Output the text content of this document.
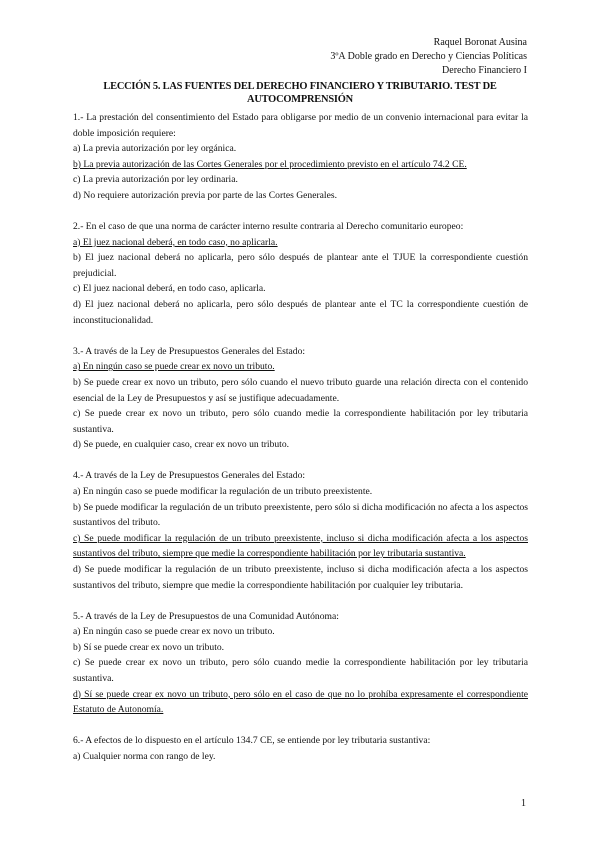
Raquel Boronat Ausina
3ºA Doble grado en Derecho y Ciencias Políticas
Derecho Financiero I
LECCIÓN 5. LAS FUENTES DEL DERECHO FINANCIERO Y TRIBUTARIO. TEST DE AUTOCOMPRENSIÓN
1.- La prestación del consentimiento del Estado para obligarse por medio de un convenio internacional para evitar la doble imposición requiere:
a) La previa autorización por ley orgánica.
b) La previa autorización de las Cortes Generales por el procedimiento previsto en el artículo 74.2 CE.
c) La previa autorización por ley ordinaria.
d) No requiere autorización previa por parte de las Cortes Generales.
2.- En el caso de que una norma de carácter interno resulte contraria al Derecho comunitario europeo:
a) El juez nacional deberá, en todo caso, no aplicarla.
b) El juez nacional deberá no aplicarla, pero sólo después de plantear ante el TJUE la correspondiente cuestión prejudicial.
c) El juez nacional deberá, en todo caso, aplicarla.
d) El juez nacional deberá no aplicarla, pero sólo después de plantear ante el TC la correspondiente cuestión de inconstitucionalidad.
3.- A través de la Ley de Presupuestos Generales del Estado:
a) En ningún caso se puede crear ex novo un tributo.
b) Se puede crear ex novo un tributo, pero sólo cuando el nuevo tributo guarde una relación directa con el contenido esencial de la Ley de Presupuestos y así se justifique adecuadamente.
c) Se puede crear ex novo un tributo, pero sólo cuando medie la correspondiente habilitación por ley tributaria sustantiva.
d) Se puede, en cualquier caso, crear ex novo un tributo.
4.- A través de la Ley de Presupuestos Generales del Estado:
a) En ningún caso se puede modificar la regulación de un tributo preexistente.
b) Se puede modificar la regulación de un tributo preexistente, pero sólo si dicha modificación no afecta a los aspectos sustantivos del tributo.
c) Se puede modificar la regulación de un tributo preexistente, incluso si dicha modificación afecta a los aspectos sustantivos del tributo, siempre que medie la correspondiente habilitación por ley tributaria sustantiva.
d) Se puede modificar la regulación de un tributo preexistente, incluso si dicha modificación afecta a los aspectos sustantivos del tributo, siempre que medie la correspondiente habilitación por cualquier ley tributaria.
5.- A través de la Ley de Presupuestos de una Comunidad Autónoma:
a) En ningún caso se puede crear ex novo un tributo.
b) Sí se puede crear ex novo un tributo.
c) Se puede crear ex novo un tributo, pero sólo cuando medie la correspondiente habilitación por ley tributaria sustantiva.
d) Sí se puede crear ex novo un tributo, pero sólo en el caso de que no lo prohíba expresamente el correspondiente Estatuto de Autonomía.
6.- A efectos de lo dispuesto en el artículo 134.7 CE, se entiende por ley tributaria sustantiva:
a) Cualquier norma con rango de ley.
1
